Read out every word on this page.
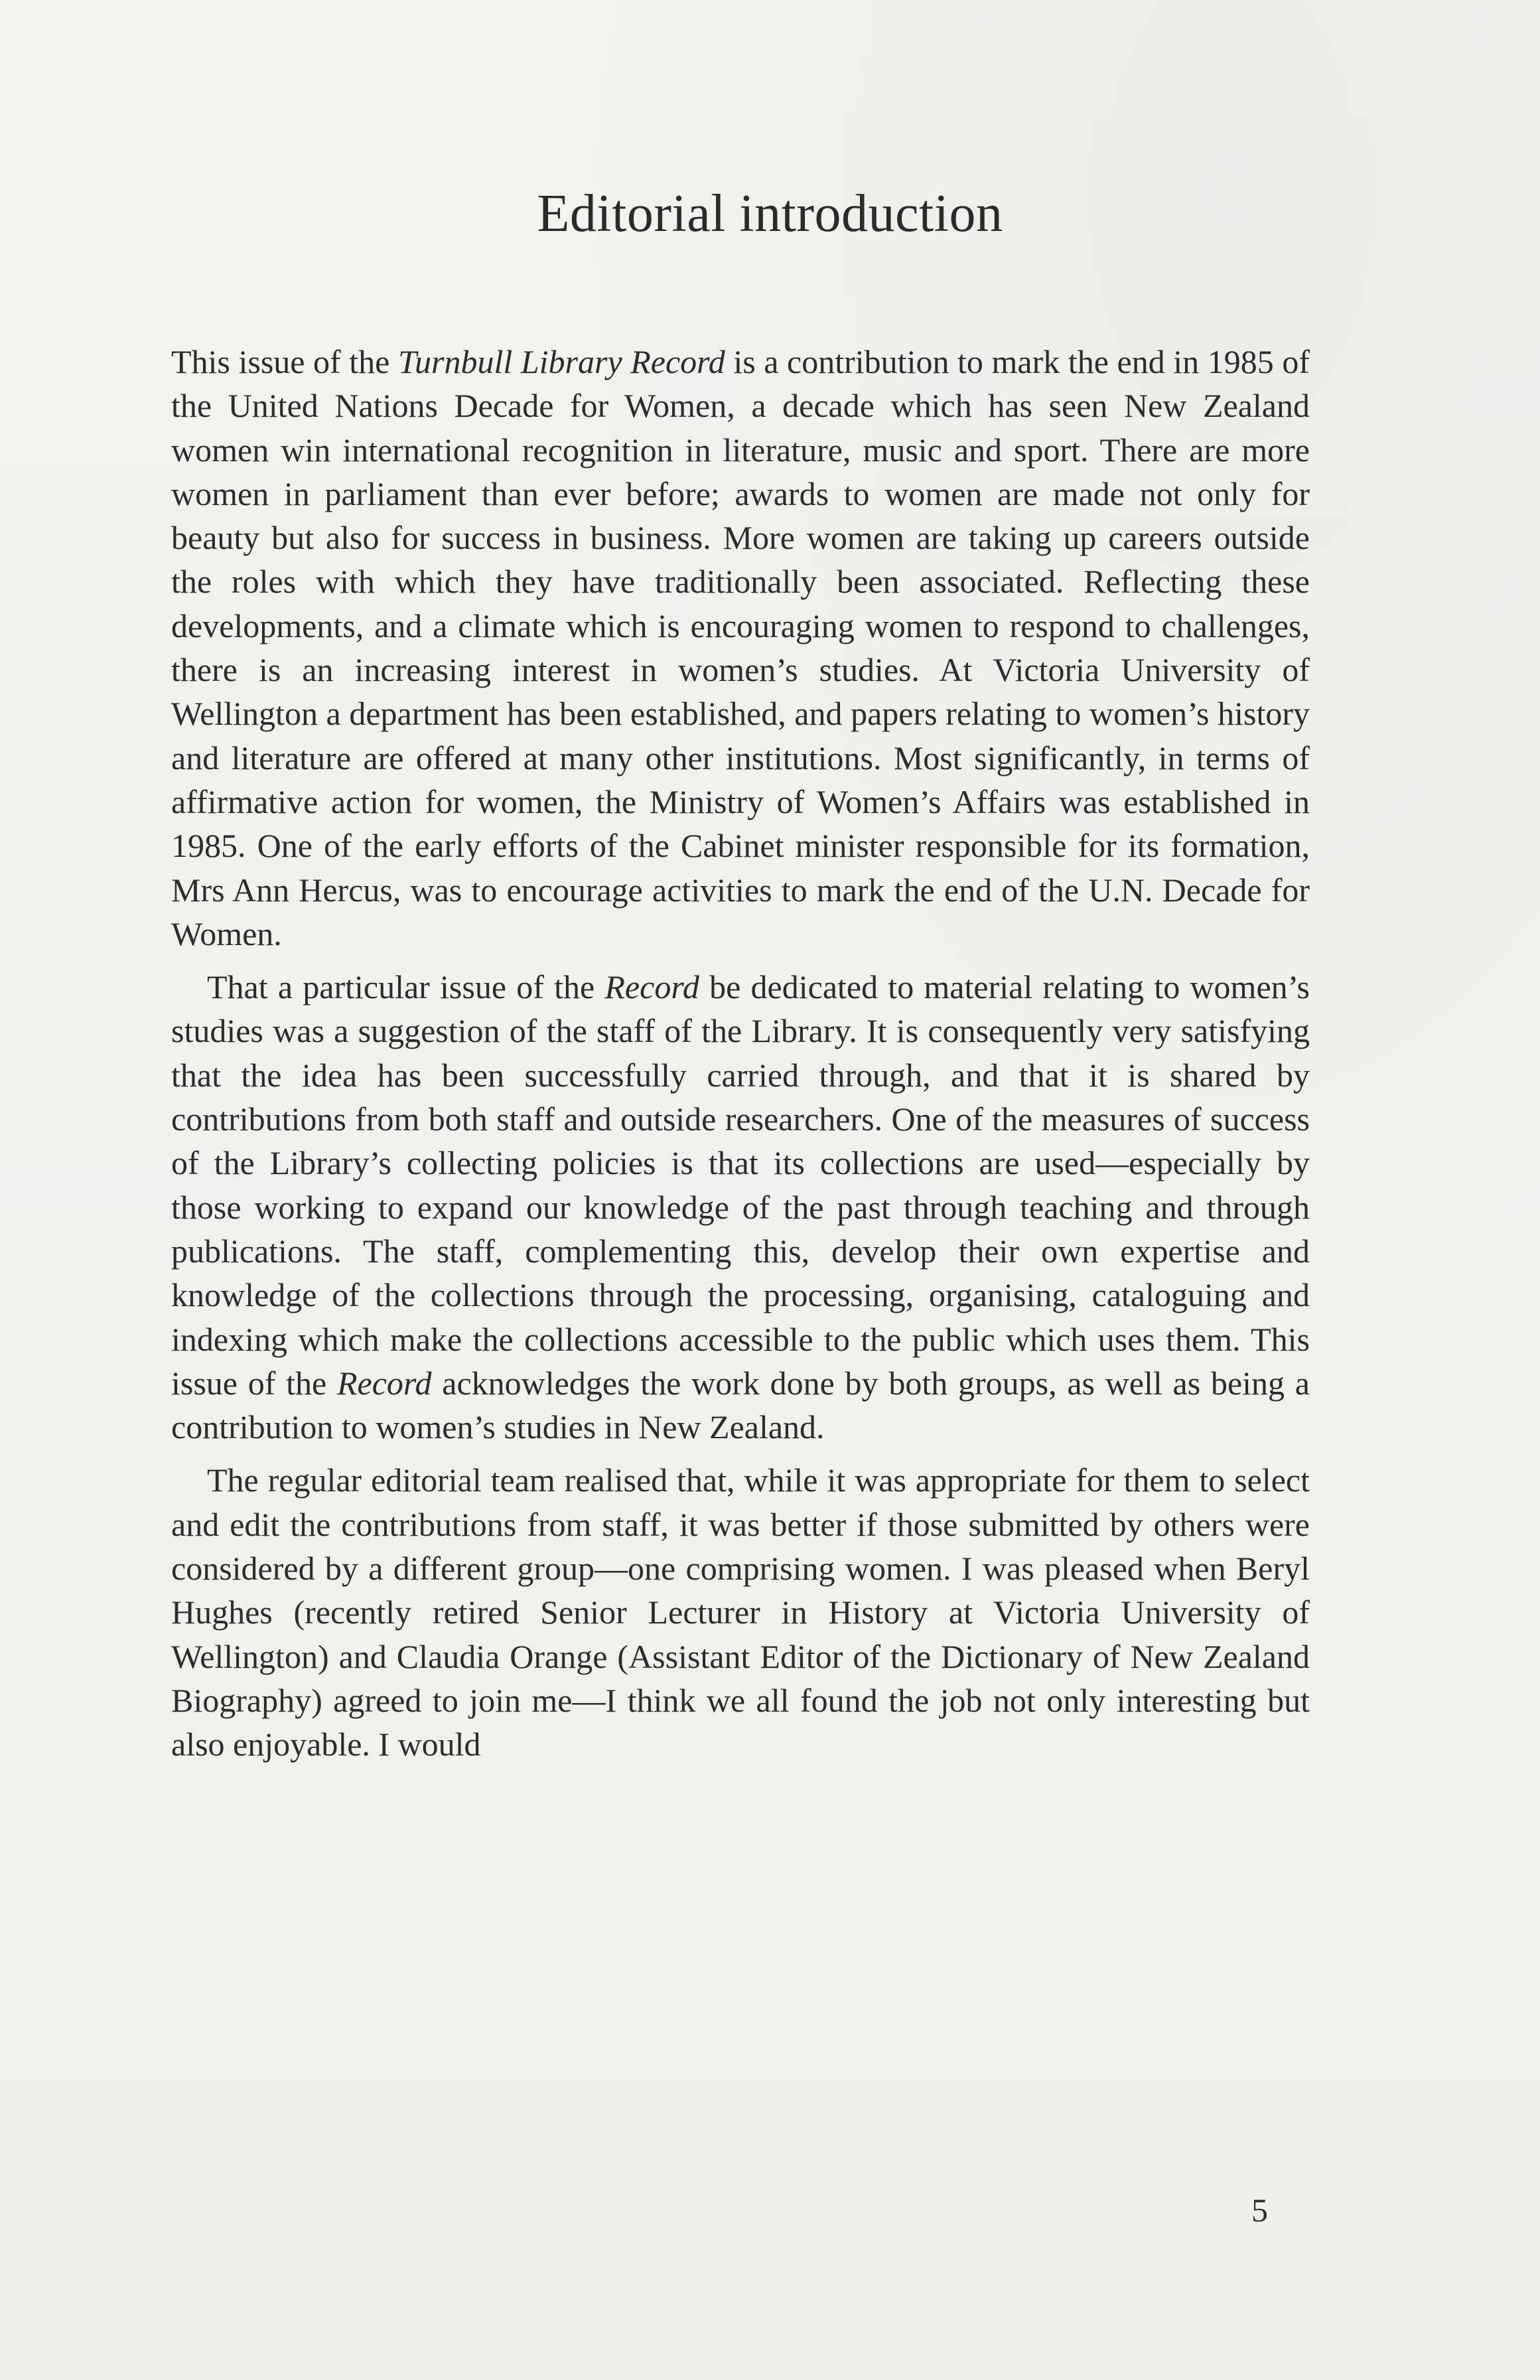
Editorial introduction

This issue of the Turnbull Library Record is a contribution to mark the end in 1985 of the United Nations Decade for Women, a decade which has seen New Zealand women win international recognition in literature, music and sport. There are more women in parliament than ever before; awards to women are made not only for beauty but also for success in business. More women are taking up careers outside the roles with which they have traditionally been associated. Reflecting these developments, and a climate which is encouraging women to respond to challenges, there is an increasing interest in women’s studies. At Victoria University of Wellington a department has been established, and papers relating to women’s history and literature are offered at many other institutions. Most significantly, in terms of affirmative action for women, the Ministry of Women’s Affairs was established in 1985. One of the early efforts of the Cabinet minister responsible for its formation, Mrs Ann Hercus, was to encourage activities to mark the end of the U.N. Decade for Women.

That a particular issue of the Record be dedicated to material relating to women’s studies was a suggestion of the staff of the Library. It is consequently very satisfying that the idea has been successfully carried through, and that it is shared by contributions from both staff and outside researchers. One of the measures of success of the Library’s collecting policies is that its collections are used—especially by those working to expand our knowledge of the past through teaching and through publications. The staff, complementing this, develop their own expertise and knowledge of the collections through the processing, organising, cataloguing and indexing which make the collections accessible to the public which uses them. This issue of the Record acknowledges the work done by both groups, as well as being a contribution to women’s studies in New Zealand.

The regular editorial team realised that, while it was appropriate for them to select and edit the contributions from staff, it was better if those submitted by others were considered by a different group—one comprising women. I was pleased when Beryl Hughes (recently retired Senior Lecturer in History at Victoria University of Wellington) and Claudia Orange (Assistant Editor of the Dictionary of New Zealand Biography) agreed to join me—I think we all found the job not only interesting but also enjoyable. I would

5
